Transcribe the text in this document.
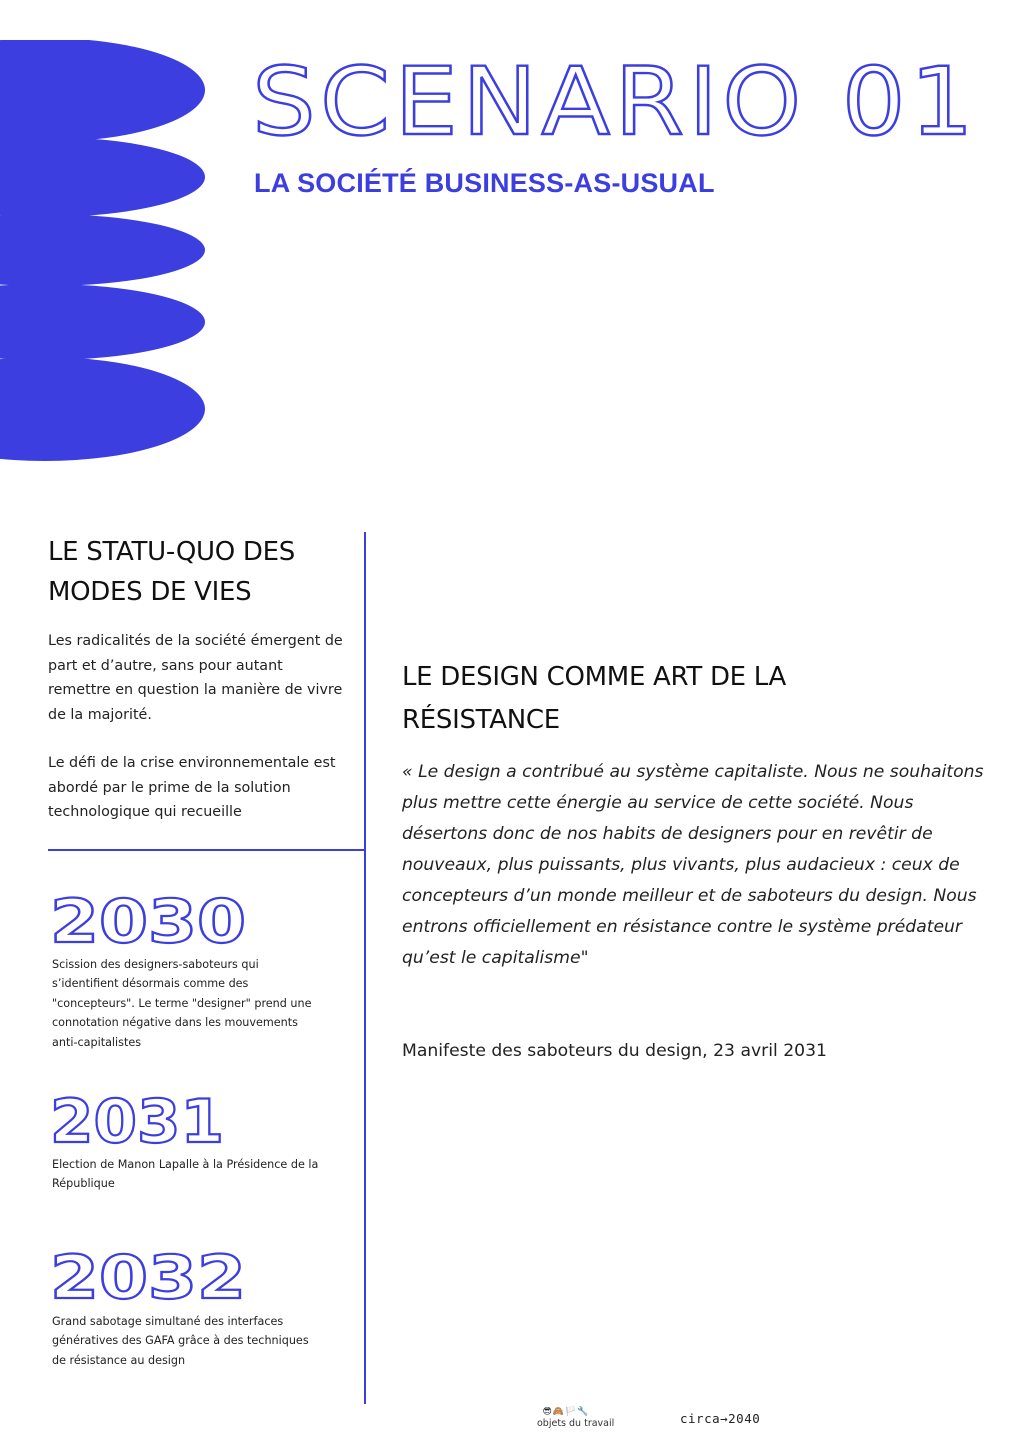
SCENARIO 01
LA SOCIÉTÉ BUSINESS-AS-USUAL
LE STATU-QUO DES
MODES DE VIES
Les radicalités de la société émergent de part et d’autre, sans pour autant remettre en question la manière de vivre de la majorité.
Le défi de la crise environnementale est abordé par le prime de la solution technologique qui recueille
2030
Scission des designers-saboteurs qui s’identifient désormais comme des "concepteurs". Le terme "designer" prend une connotation négative dans les mouvements anti-capitalistes
2031
Election de Manon Lapalle à la Présidence de la République
2032
Grand sabotage simultané des interfaces génératives des GAFA grâce à des techniques de résistance au design
LE DESIGN COMME ART DE LA RÉSISTANCE
« Le design a contribué au système capitaliste. Nous ne souhaitons plus mettre cette énergie au service de cette société. Nous désertons donc de nos habits de designers pour en revêtir de nouveaux, plus puissants, plus vivants, plus audacieux : ceux de concepteurs d’un monde meilleur et de saboteurs du design. Nous entrons officiellement en résistance contre le système prédateur qu’est le capitalisme"
Manifeste des saboteurs du design, 23 avril 2031
😎🙈🏳️🔧
objets du travail	circa→2040
